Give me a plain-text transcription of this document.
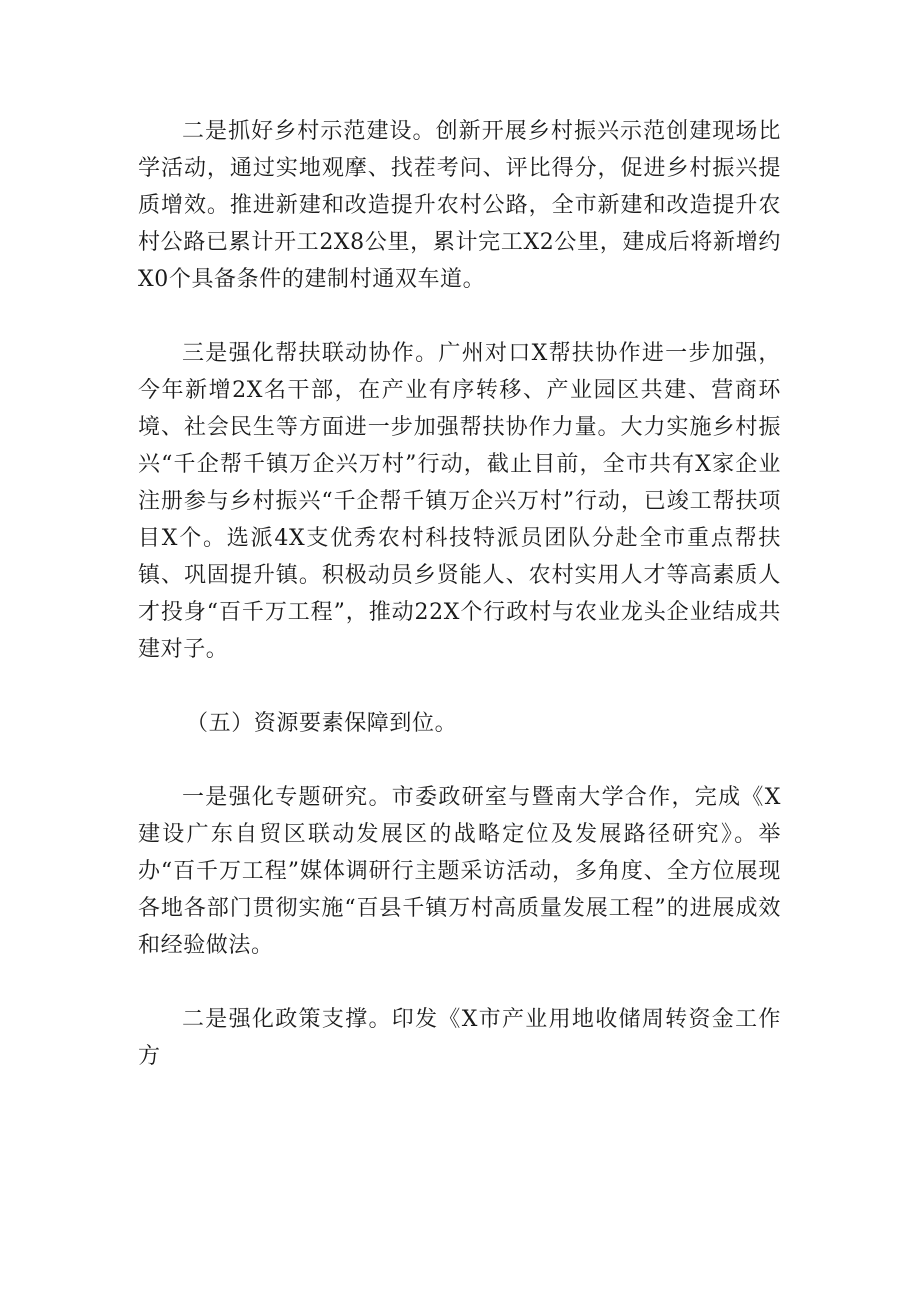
二是抓好乡村示范建设。创新开展乡村振兴示范创建现场比学活动，通过实地观摩、找茬考问、评比得分，促进乡村振兴提质增效。推进新建和改造提升农村公路，全市新建和改造提升农村公路已累计开工2X8公里，累计完工X2公里，建成后将新增约X0个具备条件的建制村通双车道。

三是强化帮扶联动协作。广州对口X帮扶协作进一步加强，今年新增2X名干部，在产业有序转移、产业园区共建、营商环境、社会民生等方面进一步加强帮扶协作力量。大力实施乡村振兴“千企帮千镇万企兴万村”行动，截止目前，全市共有X家企业注册参与乡村振兴“千企帮千镇万企兴万村”行动，已竣工帮扶项目X个。选派4X支优秀农村科技特派员团队分赴全市重点帮扶镇、巩固提升镇。积极动员乡贤能人、农村实用人才等高素质人才投身“百千万工程”，推动22X个行政村与农业龙头企业结成共建对子。

（五）资源要素保障到位。

一是强化专题研究。市委政研室与暨南大学合作，完成《X建设广东自贸区联动发展区的战略定位及发展路径研究》。举办“百千万工程”媒体调研行主题采访活动，多角度、全方位展现各地各部门贯彻实施“百县千镇万村高质量发展工程”的进展成效和经验做法。

二是强化政策支撑。印发《X市产业用地收储周转资金工作方
